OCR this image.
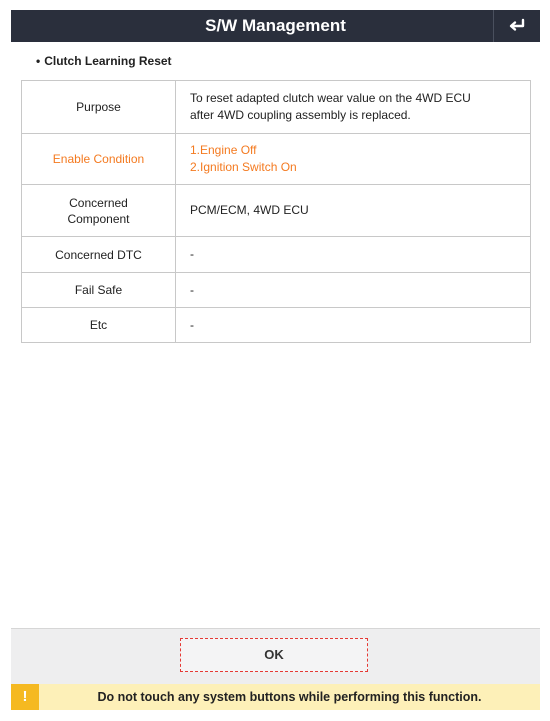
S/W Management
• Clutch Learning Reset
Purpose	To reset adapted clutch wear value on the 4WD ECU
after 4WD coupling assembly is replaced.

Enable Condition	1.Engine Off
2.Ignition Switch On

Concerned
Component	PCM/ECM, 4WD ECU

Concerned DTC	-

Fail Safe	-

Etc	-
OK
!	Do not touch any system buttons while performing this function.
